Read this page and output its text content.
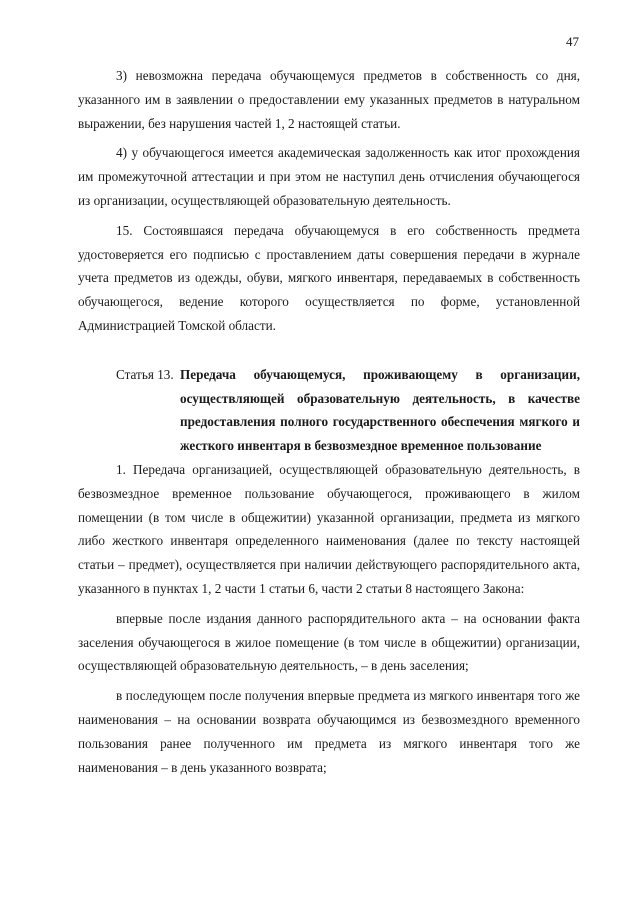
47

3) невозможна передача обучающемуся предметов в собственность со дня, указанного им в заявлении о предоставлении ему указанных предметов в натуральном выражении, без нарушения частей 1, 2 настоящей статьи.

4) у обучающегося имеется академическая задолженность как итог прохождения им промежуточной аттестации и при этом не наступил день отчисления обучающегося из организации, осуществляющей образовательную деятельность.

15. Состоявшаяся передача обучающемуся в его собственность предмета удостоверяется его подписью с проставлением даты совершения передачи в журнале учета предметов из одежды, обуви, мягкого инвентаря, передаваемых в собственность обучающегося, ведение которого осуществляется по форме, установленной Администрацией Томской области.

Статья 13. Передача обучающемуся, проживающему в организации, осуществляющей образовательную деятельность, в качестве предоставления полного государственного обеспечения мягкого и жесткого инвентаря в безвозмездное временное пользование

1. Передача организацией, осуществляющей образовательную деятельность, в безвозмездное временное пользование обучающегося, проживающего в жилом помещении (в том числе в общежитии) указанной организации, предмета из мягкого либо жесткого инвентаря определенного наименования (далее по тексту настоящей статьи – предмет), осуществляется при наличии действующего распорядительного акта, указанного в пунктах 1, 2 части 1 статьи 6, части 2 статьи 8 настоящего Закона:

впервые после издания данного распорядительного акта – на основании факта заселения обучающегося в жилое помещение (в том числе в общежитии) организации, осуществляющей образовательную деятельность, – в день заселения;

в последующем после получения впервые предмета из мягкого инвентаря того же наименования – на основании возврата обучающимся из безвозмездного временного пользования ранее полученного им предмета из мягкого инвентаря того же наименования – в день указанного возврата;
